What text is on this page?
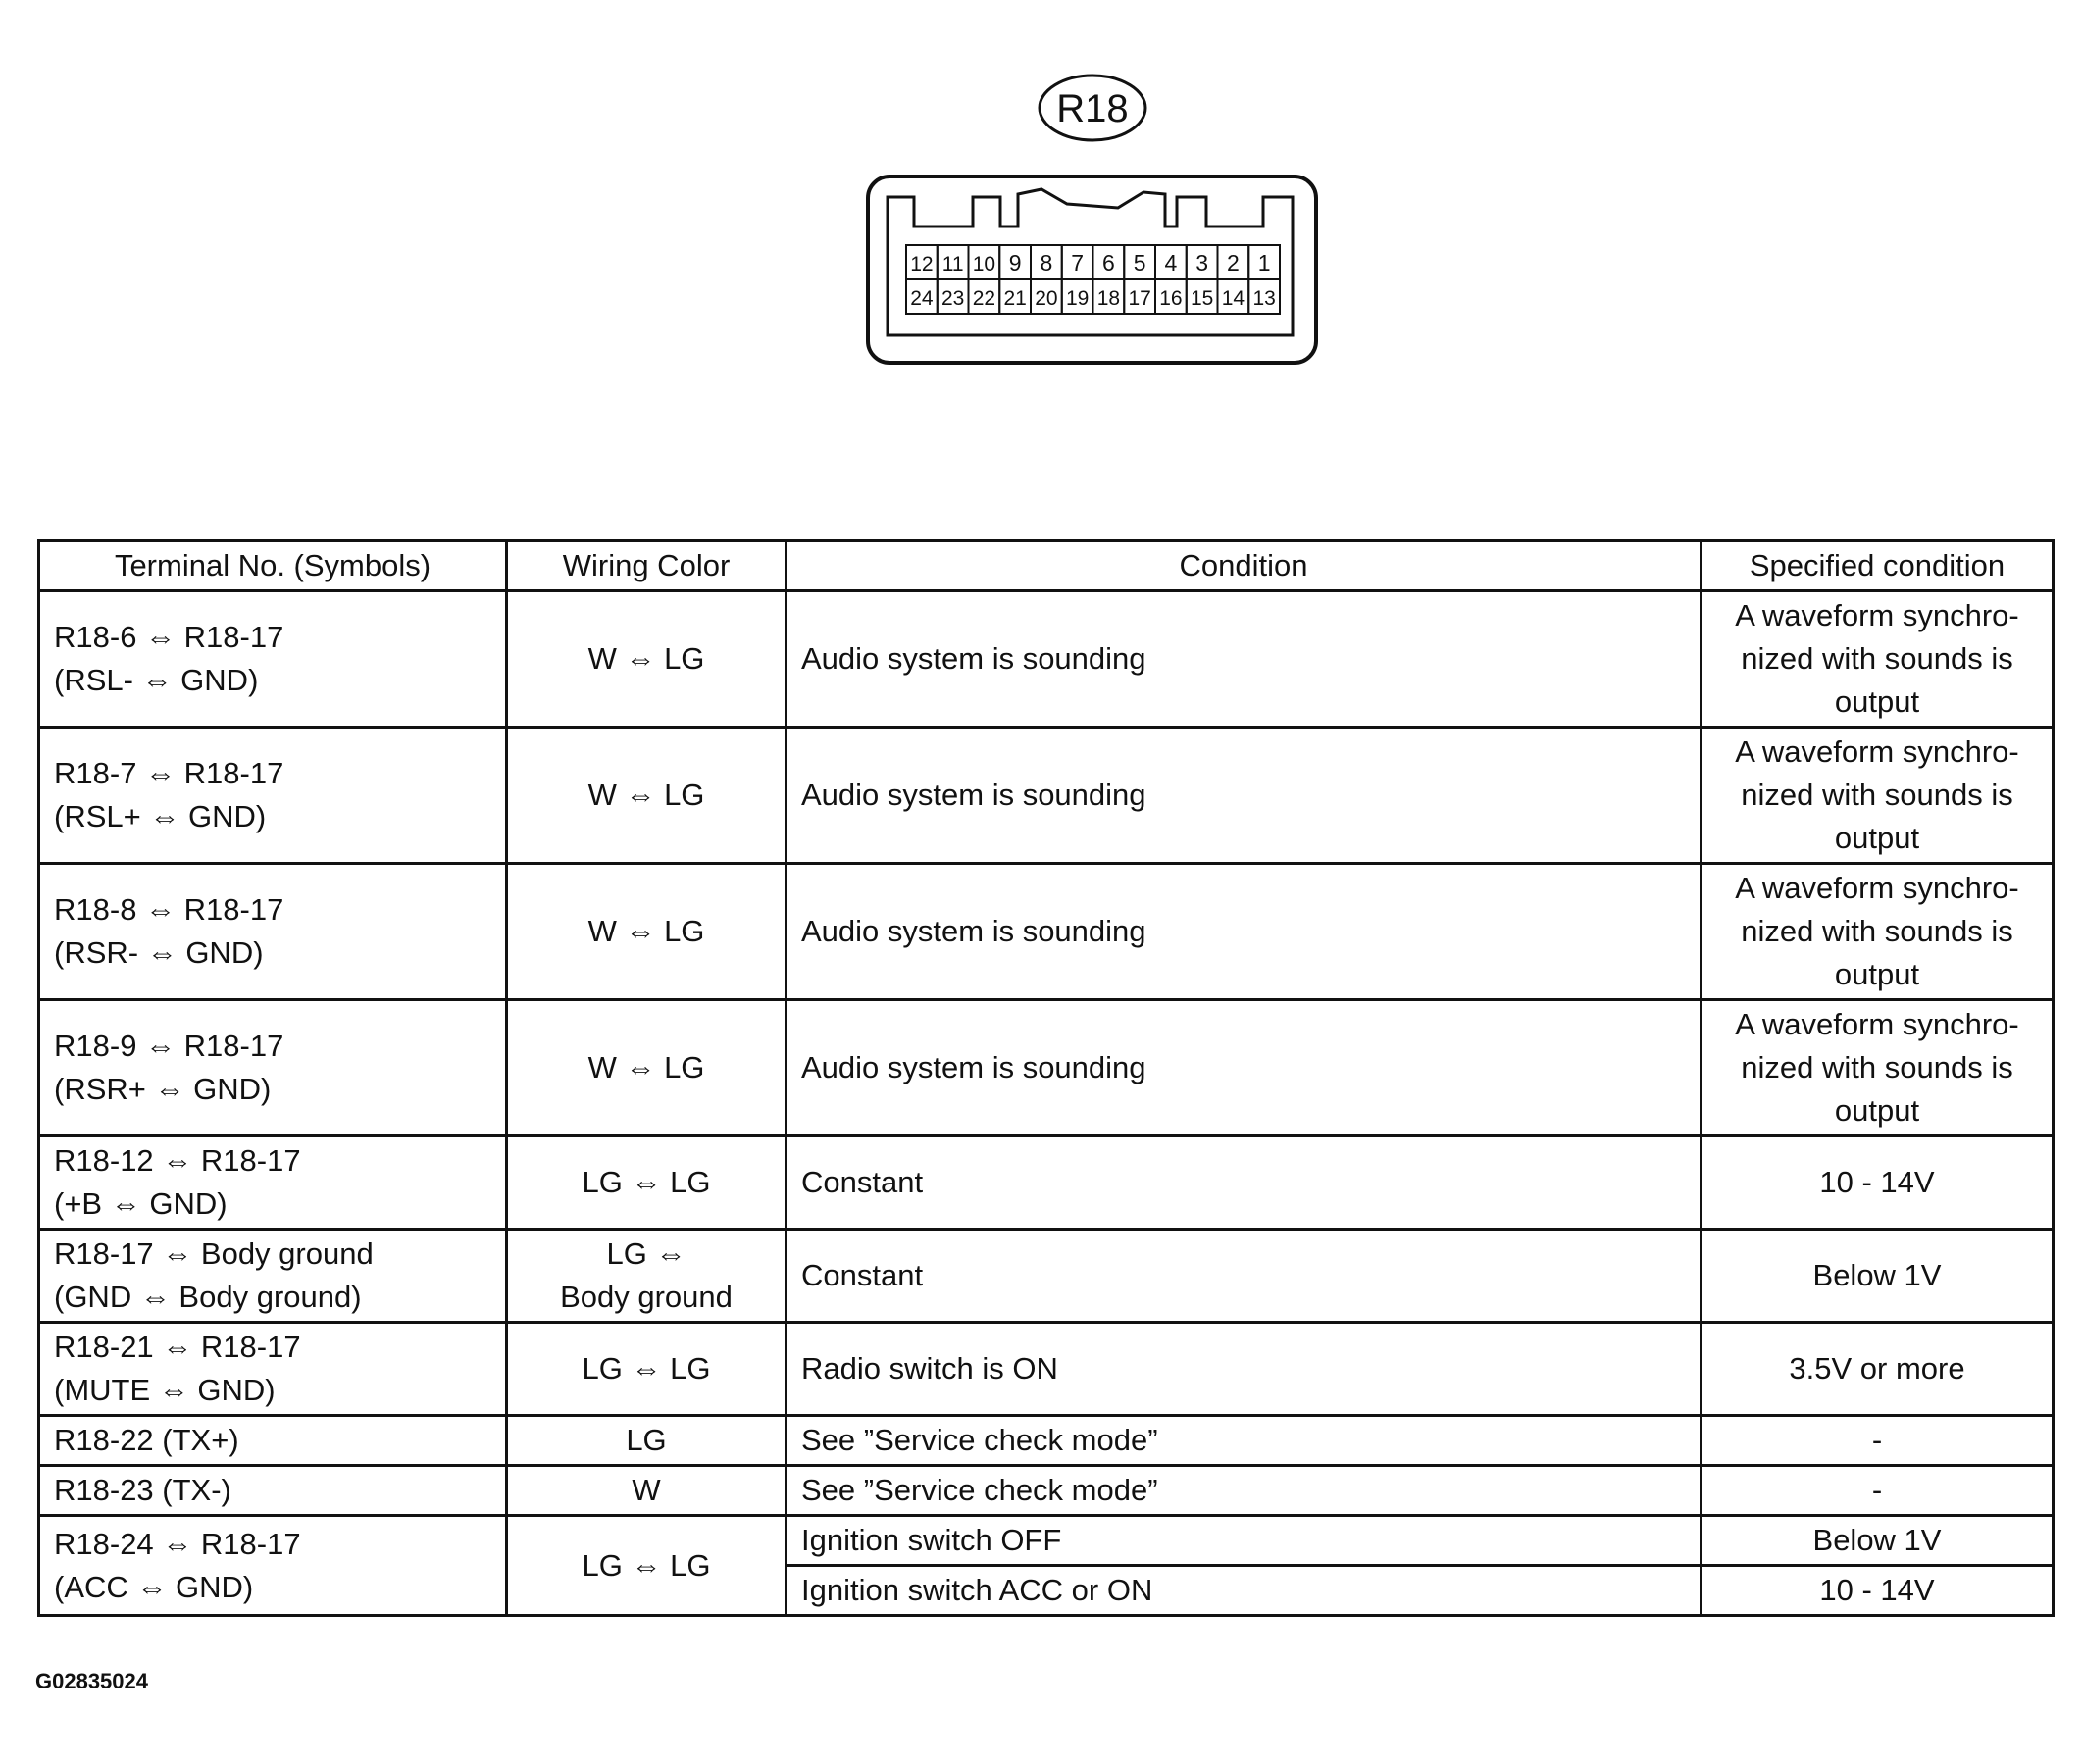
R18
12 11 10 9 8 7 6 5 4 3 2 1
24 23 22 21 20 19 18 17 16 15 14 13
Terminal No. (Symbols)	Wiring Color	Condition	Specified condition

R18-6 ⇔ R18-17
(RSL- ⇔ GND)	W ⇔ LG	Audio system is sounding	A waveform synchro-
nized with sounds is
output

R18-7 ⇔ R18-17
(RSL+ ⇔ GND)	W ⇔ LG	Audio system is sounding	A waveform synchro-
nized with sounds is
output

R18-8 ⇔ R18-17
(RSR- ⇔ GND)	W ⇔ LG	Audio system is sounding	A waveform synchro-
nized with sounds is
output

R18-9 ⇔ R18-17
(RSR+ ⇔ GND)	W ⇔ LG	Audio system is sounding	A waveform synchro-
nized with sounds is
output

R18-12 ⇔ R18-17
(+B ⇔ GND)	LG ⇔ LG	Constant	10 - 14V

R18-17 ⇔ Body ground
(GND ⇔ Body ground)	LG ⇔
Body ground	Constant	Below 1V

R18-21 ⇔ R18-17
(MUTE ⇔ GND)	LG ⇔ LG	Radio switch is ON	3.5V or more

R18-22 (TX+)	LG	See ”Service check mode”	-

R18-23 (TX-)	W	See ”Service check mode”	-

R18-24 ⇔ R18-17
(ACC ⇔ GND)	LG ⇔ LG	Ignition switch OFF	Below 1V
		Ignition switch ACC or ON	10 - 14V
G02835024
